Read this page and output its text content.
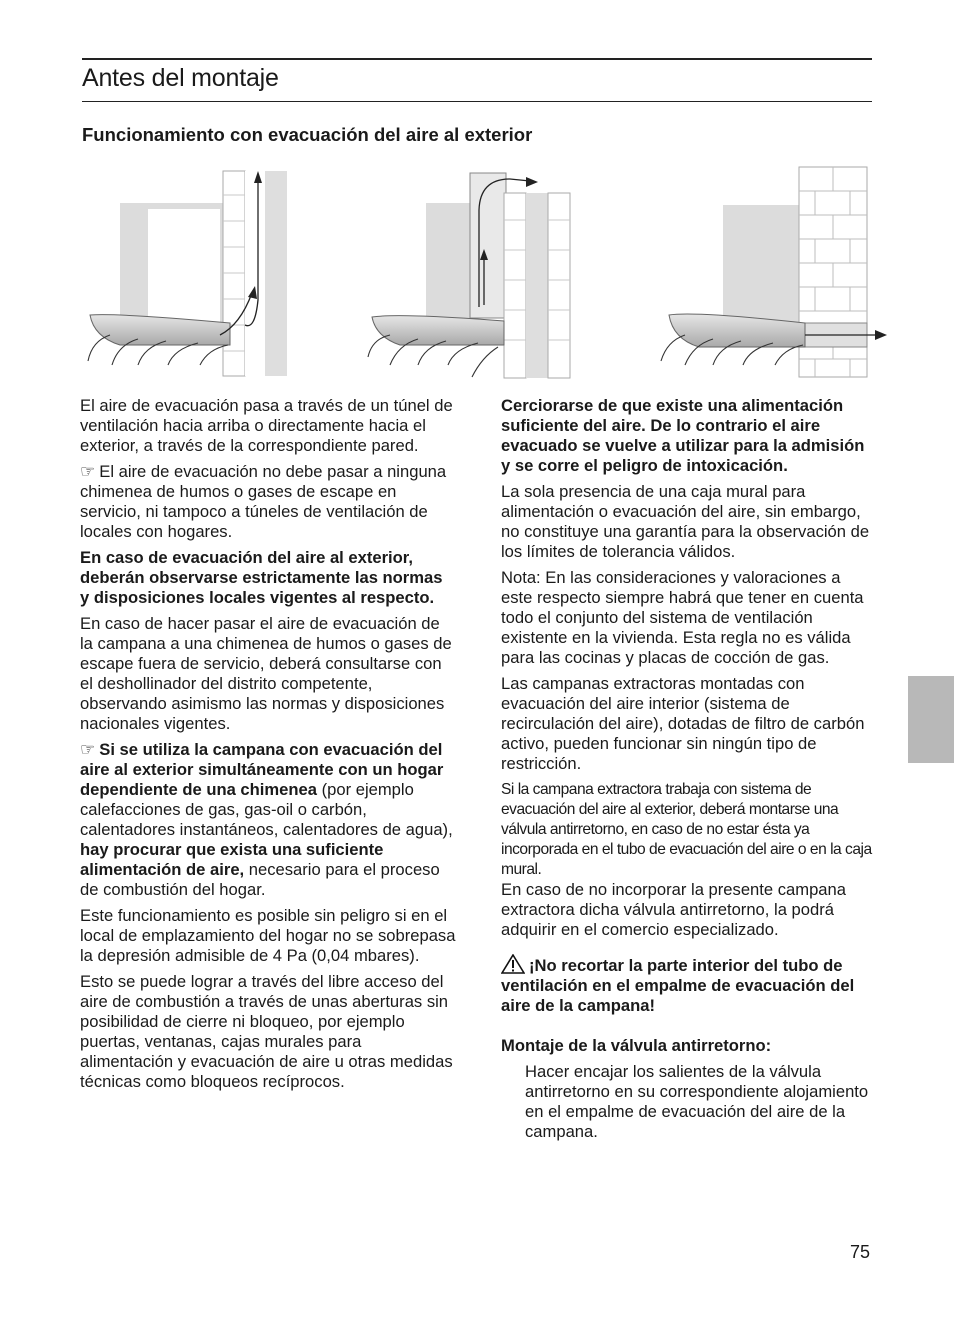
Antes del montaje
Funcionamiento con evacuación del aire al exterior

El aire de evacuación pasa a través de un túnel de ventilación hacia arriba o directamente hacia el exterior, a través de la correspondiente pared.

☞ El aire de evacuación no debe pasar a ninguna chimenea de humos o gases de escape en servicio, ni tampoco a túneles de ventilación de locales con hogares.

En caso de evacuación del aire al exterior, deberán observarse estrictamente las normas y disposiciones locales vigentes al respecto.

En caso de hacer pasar el aire de evacuación de la campana a una chimenea de humos o gases de escape fuera de servicio, deberá consultarse con el deshollinador del distrito competente, observando asimismo las normas y disposiciones nacionales vigentes.

☞ Si se utiliza la campana con evacuación del aire al exterior simultáneamente con un hogar dependiente de una chimenea (por ejemplo calefacciones de gas, gas-oil o carbón, calentadores instantáneos, calentadores de agua), hay procurar que exista una suficiente alimentación de aire, necesario para el proceso de combustión del hogar.

Este funcionamiento es posible sin peligro si en el local de emplazamiento del hogar no se sobrepasa la depresión admisible de 4 Pa (0,04 mbares).

Esto se puede lograr a través del libre acceso del aire de combustión a través de unas aberturas sin posibilidad de cierre ni bloqueo, por ejemplo puertas, ventanas, cajas murales para alimentación y evacuación de aire u otras medidas técnicas como bloqueos recíprocos.

Cerciorarse de que existe una alimentación suficiente del aire. De lo contrario el aire evacuado se vuelve a utilizar para la admisión y se corre el peligro de intoxicación.

La sola presencia de una caja mural para alimentación o evacuación del aire, sin embargo, no constituye una garantía para la observación de los límites de tolerancia válidos.

Nota: En las consideraciones y valoraciones a este respecto siempre habrá que tener en cuenta todo el conjunto del sistema de ventilación existente en la vivienda. Esta regla no es válida para las cocinas y placas de cocción de gas.

Las campanas extractoras montadas con evacuación del aire interior (sistema de recirculación del aire), dotadas de filtro de carbón activo, pueden funcionar sin ningún tipo de restricción.

Si la campana extractora trabaja con sistema de evacuación del aire al exterior, deberá montarse una válvula antirretorno, en caso de no estar ésta ya incorporada en el tubo de evacuación del aire o en la caja mural.

En caso de no incorporar la presente campana extractora dicha válvula antirretorno, la podrá adquirir en el comercio especializado.

¡No recortar la parte interior del tubo de ventilación en el empalme de evacuación del aire de la campana!

Montaje de la válvula antirretorno:

Hacer encajar los salientes de la válvula antirretorno en su correspondiente alojamiento en el empalme de evacuación del aire de la campana.

75
